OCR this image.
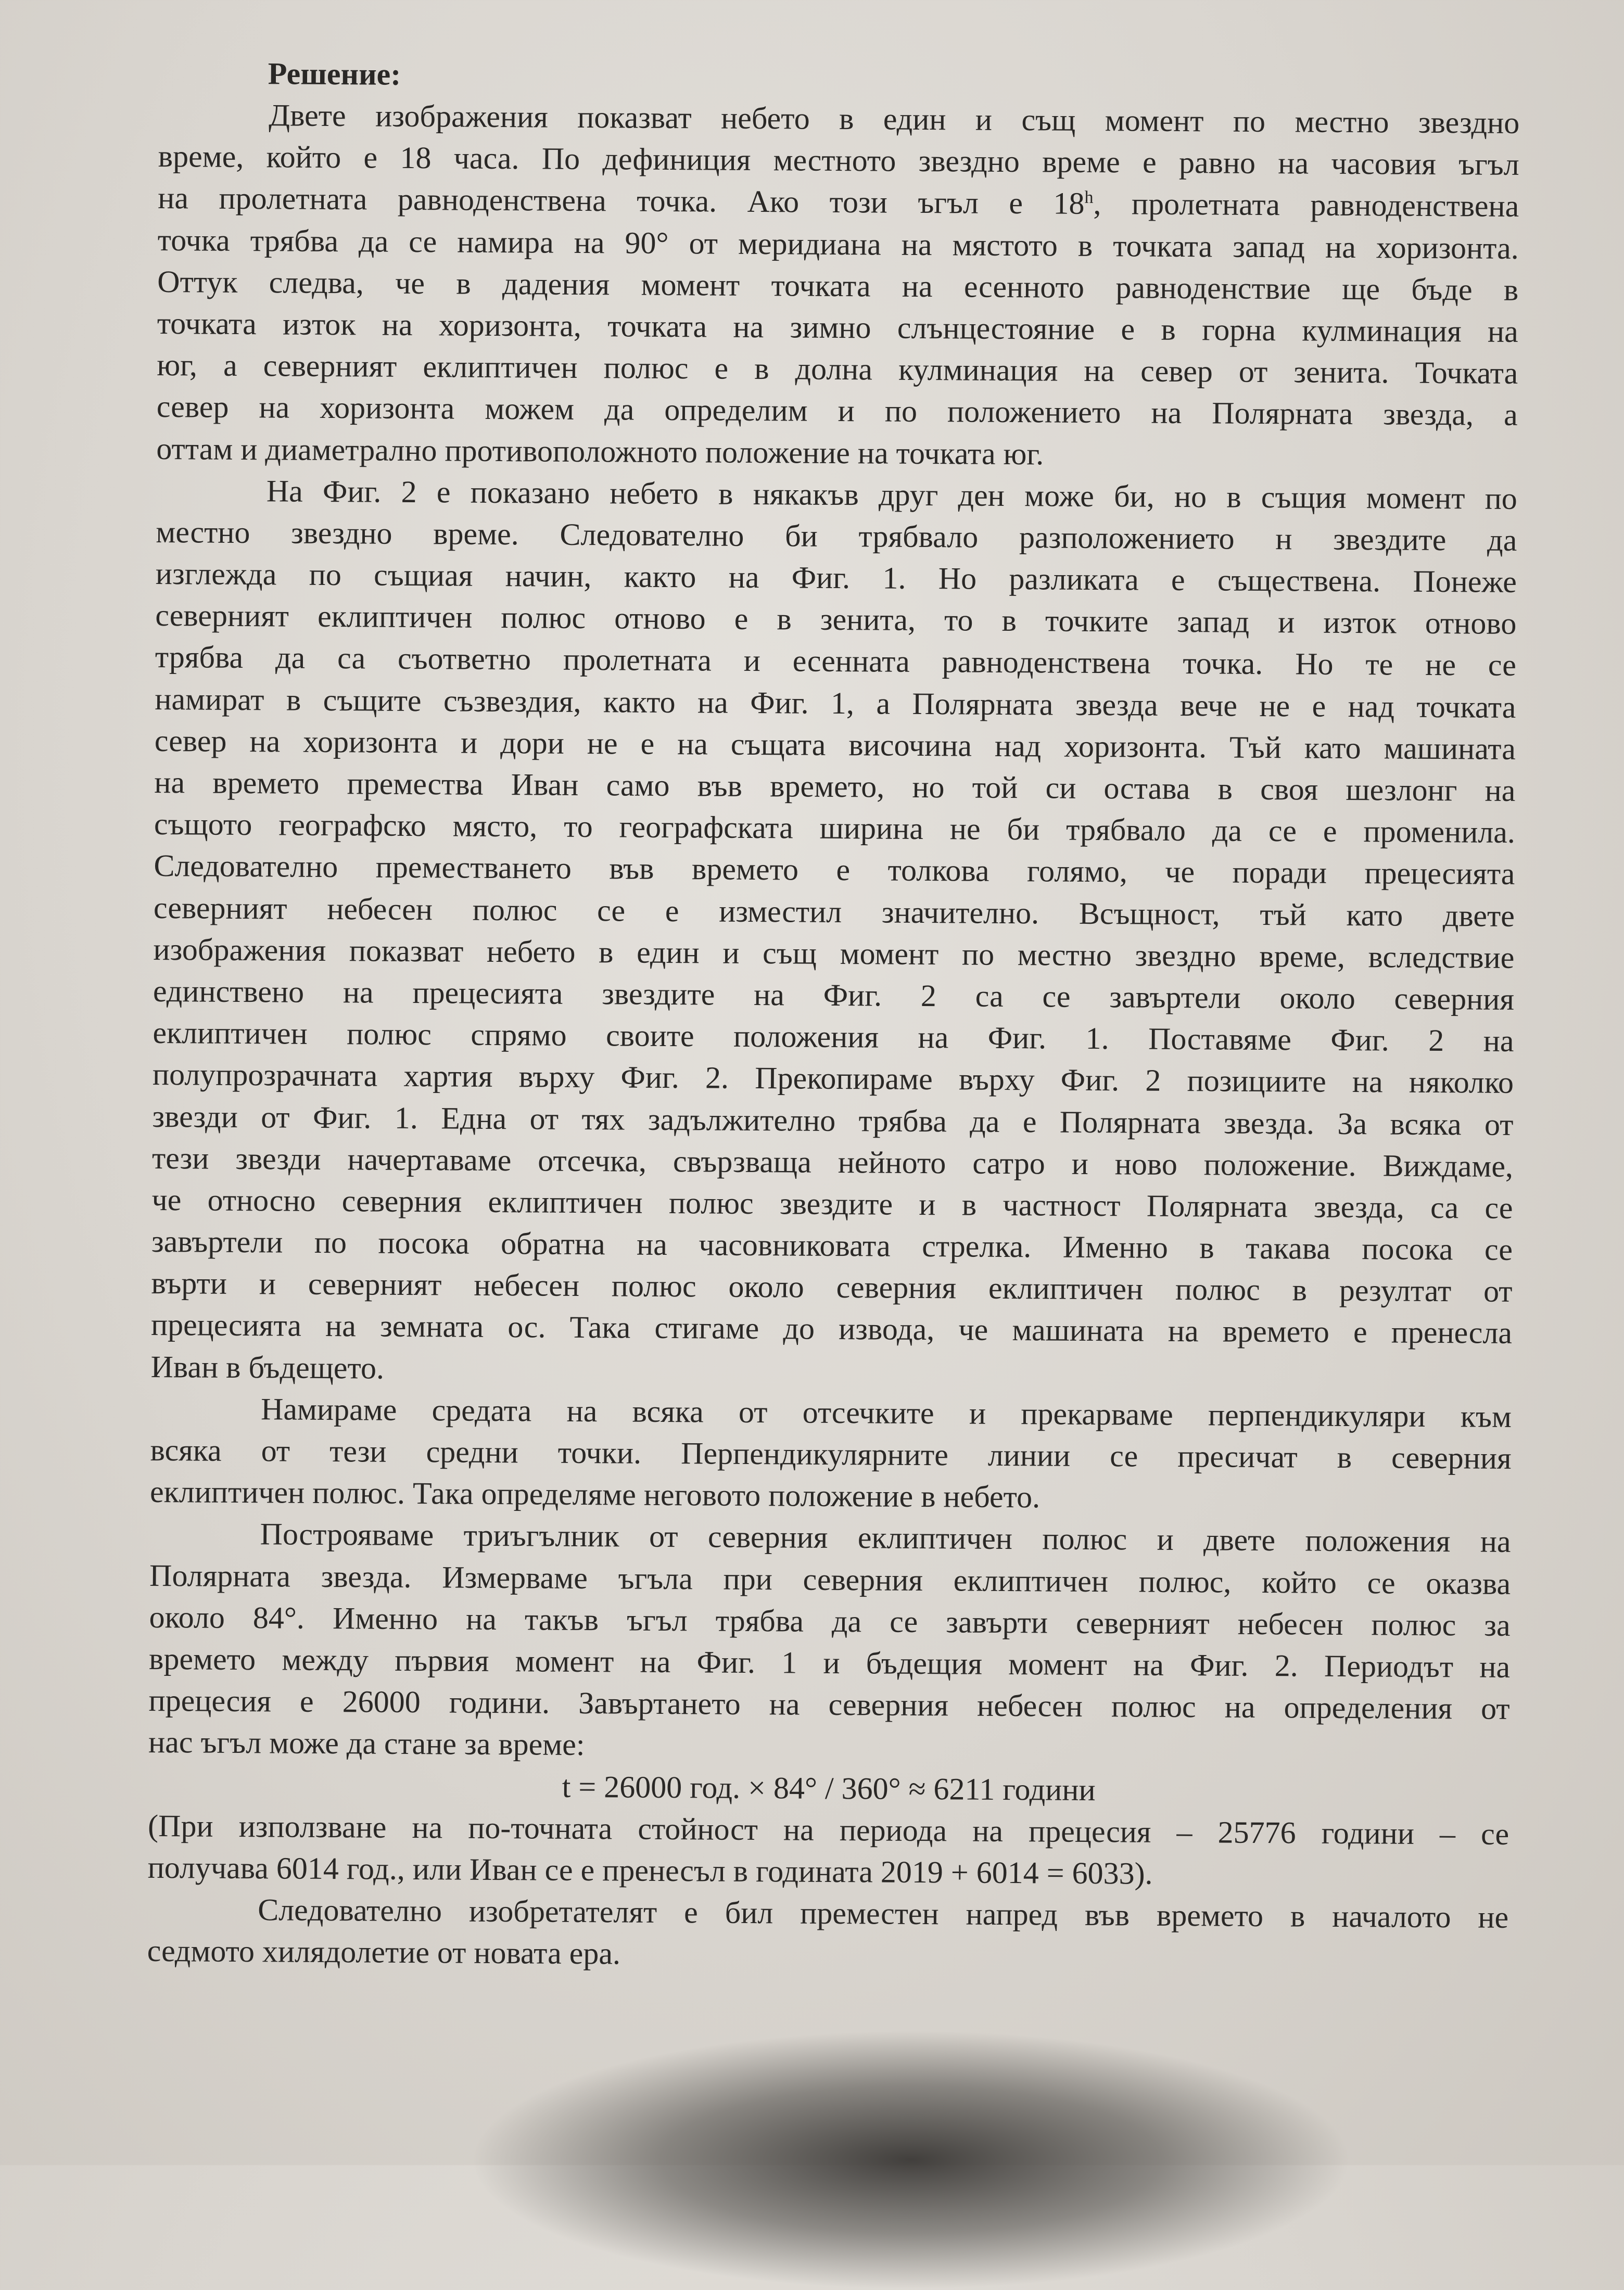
Решение:
Двете изображения показват небето в един и същ момент по местно звездно
време, който е 18 часа. По дефиниция местното звездно време е равно на часовия ъгъл
на пролетната равноденствена точка. Ако този ъгъл е 18$^h$, пролетната равноденствена
точка трябва да се намира на 90° от меридиана на мястото в точката запад на хоризонта.
Оттук следва, че в дадения момент точката на есенното равноденствие ще бъде в
точката изток на хоризонта, точката на зимно слънцестояние е в горна кулминация на
юг, а северният еклиптичен полюс е в долна кулминация на север от зенита. Точката
север на хоризонта можем да определим и по положението на Полярната звезда, а
оттам и диаметрално противоположното положение на точката юг.
На Фиг. 2 е показано небето в някакъв друг ден може би, но в същия момент по
местно звездно време. Следователно би трябвало разположението н звездите да
изглежда по същиая начин, както на Фиг. 1. Но разликата е съществена. Понеже
северният еклиптичен полюс отново е в зенита, то в точките запад и изток отново
трябва да са съответно пролетната и есенната равноденствена точка. Но те не се
намират в същите съзвездия, както на Фиг. 1, а Полярната звезда вече не е над точката
север на хоризонта и дори не е на същата височина над хоризонта. Тъй като машината
на времето премества Иван само във времето, но той си остава в своя шезлонг на
същото географско място, то географската ширина не би трябвало да се е променила.
Следователно преместването във времето е толкова голямо, че поради прецесията
северният небесен полюс се е изместил значително. Всъщност, тъй като двете
изображения показват небето в един и същ момент по местно звездно време, вследствие
единствено на прецесията звездите на Фиг. 2 са се завъртели около северния
еклиптичен полюс спрямо своите положения на Фиг. 1. Поставяме Фиг. 2 на
полупрозрачната хартия върху Фиг. 2. Прекопираме върху Фиг. 2 позициите на няколко
звезди от Фиг. 1. Една от тях задължително трябва да е Полярната звезда. За всяка от
тези звезди начертаваме отсечка, свързваща нейното сатро и ново положение. Виждаме,
че относно северния еклиптичен полюс звездите и в частност Полярната звезда, са се
завъртели по посока обратна на часовниковата стрелка. Именно в такава посока се
върти и северният небесен полюс около северния еклиптичен полюс в резултат от
прецесията на земната ос. Така стигаме до извода, че машината на времето е пренесла
Иван в бъдещето.
Намираме средата на всяка от отсечките и прекарваме перпендикуляри към
всяка от тези средни точки. Перпендикулярните линии се пресичат в северния
еклиптичен полюс. Така определяме неговото положение в небето.
Построяваме триъгълник от северния еклиптичен полюс и двете положения на
Полярната звезда. Измерваме ъгъла при северния еклиптичен полюс, който се оказва
около 84°. Именно на такъв ъгъл трябва да се завърти северният небесен полюс за
времето между първия момент на Фиг. 1 и бъдещия момент на Фиг. 2. Периодът на
прецесия е 26000 години. Завъртането на северния небесен полюс на определения от
нас ъгъл може да стане за време:
t = 26000 год. × 84° / 360° ≈ 6211 години
(При използване на по-точната стойност на периода на прецесия – 25776 години – се
получава 6014 год., или Иван се е пренесъл в годината 2019 + 6014 = 6033).
Следователно изобретателят е бил преместен напред във времето в началото не
седмото хилядолетие от новата ера.
